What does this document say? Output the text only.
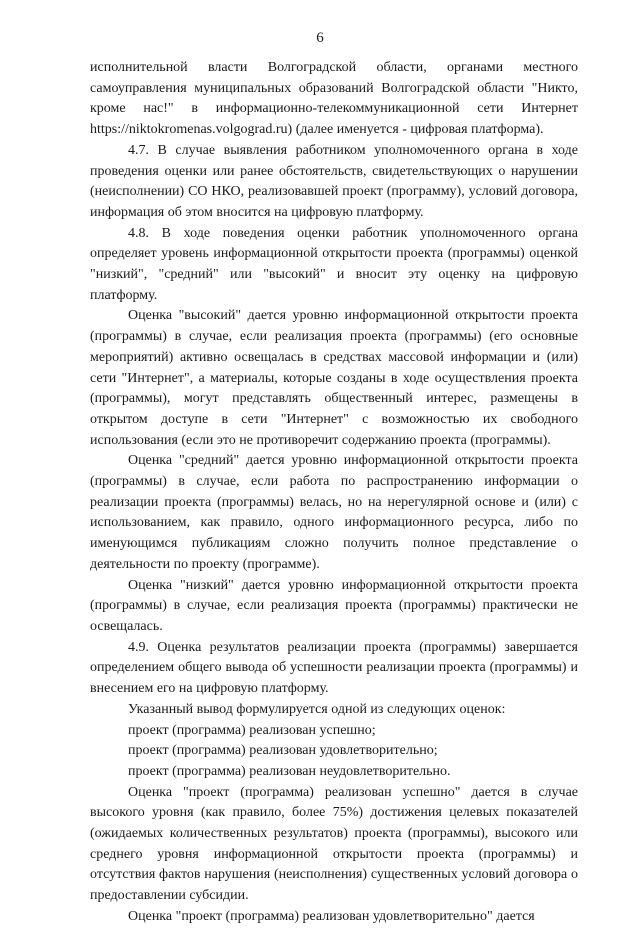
6

исполнительной власти Волгоградской области, органами местного самоуправления муниципальных образований Волгоградской области "Никто, кроме нас!" в информационно-телекоммуникационной сети Интернет https://niktokromenas.volgograd.ru) (далее именуется - цифровая платформа).

4.7. В случае выявления работником уполномоченного органа в ходе проведения оценки или ранее обстоятельств, свидетельствующих о нарушении (неисполнении) СО НКО, реализовавшей проект (программу), условий договора, информация об этом вносится на цифровую платформу.

4.8. В ходе поведения оценки работник уполномоченного органа определяет уровень информационной открытости проекта (программы) оценкой "низкий", "средний" или "высокий" и вносит эту оценку на цифровую платформу.

Оценка "высокий" дается уровню информационной открытости проекта (программы) в случае, если реализация проекта (программы) (его основные мероприятий) активно освещалась в средствах массовой информации и (или) сети "Интернет", а материалы, которые созданы в ходе осуществления проекта (программы), могут представлять общественный интерес, размещены в открытом доступе в сети "Интернет" с возможностью их свободного использования (если это не противоречит содержанию проекта (программы).

Оценка "средний" дается уровню информационной открытости проекта (программы) в случае, если работа по распространению информации о реализации проекта (программы) велась, но на нерегулярной основе и (или) с использованием, как правило, одного информационного ресурса, либо по именующимся публикациям сложно получить полное представление о деятельности по проекту (программе).

Оценка "низкий" дается уровню информационной открытости проекта (программы) в случае, если реализация проекта (программы) практически не освещалась.

4.9. Оценка результатов реализации проекта (программы) завершается определением общего вывода об успешности реализации проекта (программы) и внесением его на цифровую платформу.

Указанный вывод формулируется одной из следующих оценок:

проект (программа) реализован успешно;

проект (программа) реализован удовлетворительно;

проект (программа) реализован неудовлетворительно.

Оценка "проект (программа) реализован успешно" дается в случае высокого уровня (как правило, более 75%) достижения целевых показателей (ожидаемых количественных результатов) проекта (программы), высокого или среднего уровня информационной открытости проекта (программы) и отсутствия фактов нарушения (неисполнения) существенных условий договора о предоставлении субсидии.

Оценка "проект (программа) реализован удовлетворительно" дается
